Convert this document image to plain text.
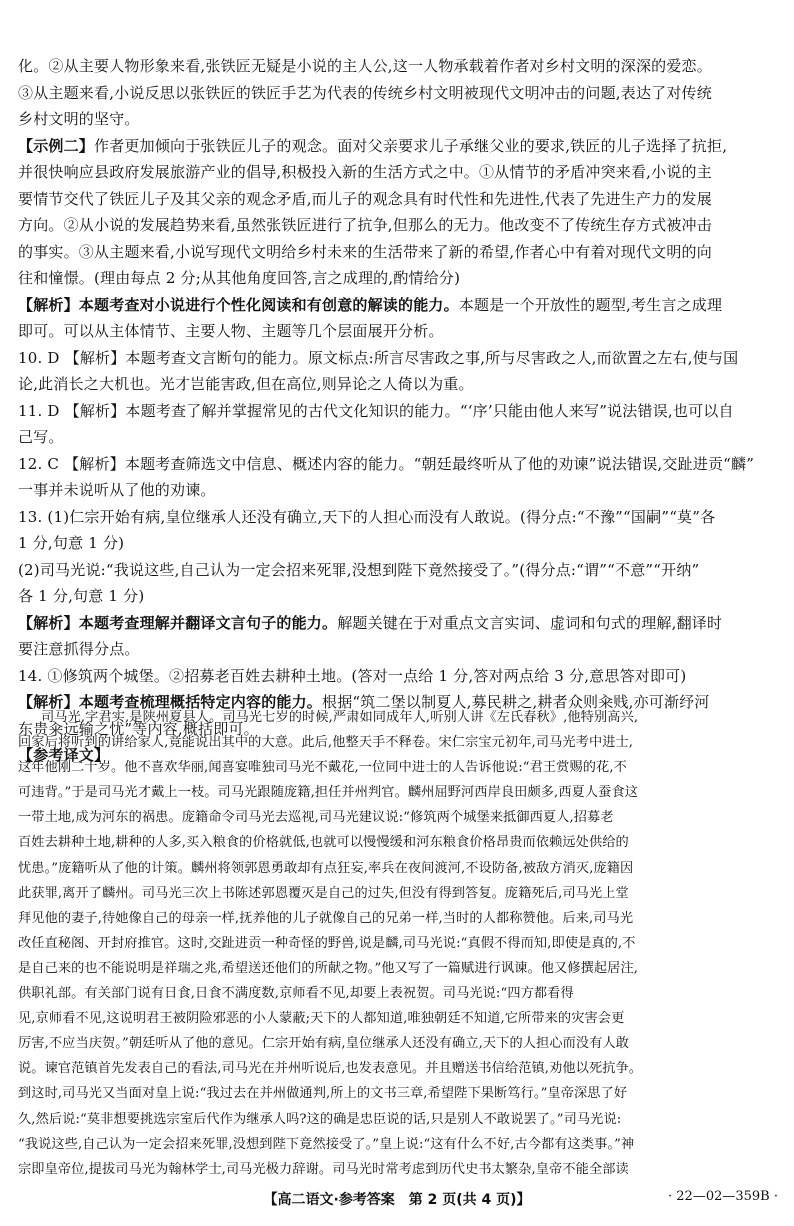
化。②从主要人物形象来看,张铁匠无疑是小说的主人公,这一人物承载着作者对乡村文明的深深的爱恋。
③从主题来看,小说反思以张铁匠的铁匠手艺为代表的传统乡村文明被现代文明冲击的问题,表达了对传统
乡村文明的坚守。
【示例二】作者更加倾向于张铁匠儿子的观念。面对父亲要求儿子承继父业的要求,铁匠的儿子选择了抗拒,
并很快响应县政府发展旅游产业的倡导,积极投入新的生活方式之中。①从情节的矛盾冲突来看,小说的主
要情节交代了铁匠儿子及其父亲的观念矛盾,而儿子的观念具有时代性和先进性,代表了先进生产力的发展
方向。②从小说的发展趋势来看,虽然张铁匠进行了抗争,但那么的无力。他改变不了传统生存方式被冲击
的事实。③从主题来看,小说写现代文明给乡村未来的生活带来了新的希望,作者心中有着对现代文明的向
往和憧憬。(理由每点 2 分;从其他角度回答,言之成理的,酌情给分)
【解析】本题考查对小说进行个性化阅读和有创意的解读的能力。本题是一个开放性的题型,考生言之成理
即可。可以从主体情节、主要人物、主题等几个层面展开分析。
10. D 【解析】本题考查文言断句的能力。原文标点:所言尽害政之事,所与尽害政之人,而欲置之左右,使与国
论,此消长之大机也。光才岂能害政,但在高位,则异论之人倚以为重。
11. D 【解析】本题考查了解并掌握常见的古代文化知识的能力。“‘序’只能由他人来写”说法错误,也可以自
己写。
12. C 【解析】本题考查筛选文中信息、概述内容的能力。“朝廷最终听从了他的劝谏”说法错误,交趾进贡“麟”
一事并未说听从了他的劝谏。
13. (1)仁宗开始有病,皇位继承人还没有确立,天下的人担心而没有人敢说。(得分点:“不豫”“国嗣”“莫”各
1 分,句意 1 分)
(2)司马光说:“我说这些,自己认为一定会招来死罪,没想到陛下竟然接受了。”(得分点:“谓”“不意”“开纳”
各 1 分,句意 1 分)
【解析】本题考查理解并翻译文言句子的能力。解题关键在于对重点文言实词、虚词和句式的理解,翻译时
要注意抓得分点。
14. ①修筑两个城堡。②招募老百姓去耕种土地。(答对一点给 1 分,答对两点给 3 分,意思答对即可)
【解析】本题考查梳理概括特定内容的能力。根据“筑二堡以制夏人,募民耕之,耕者众则籴贱,亦可渐纾河
东贵籴远输之忧”等内容,概括即可。
【参考译文】
司马光,字君实,是陕州夏县人。司马光七岁的时候,严肃如同成年人,听别人讲《左氏春秋》,他特别高兴,
回家后将听到的讲给家人,竟能说出其中的大意。此后,他整天手不释卷。宋仁宗宝元初年,司马光考中进士,
这年他刚二十岁。他不喜欢华丽,闻喜宴唯独司马光不戴花,一位同中进士的人告诉他说:“君王赏赐的花,不
可违背。”于是司马光才戴上一枝。司马光跟随庞籍,担任并州判官。麟州屈野河西岸良田颇多,西夏人蚕食这
一带土地,成为河东的祸患。庞籍命令司马光去巡视,司马光建议说:“修筑两个城堡来抵御西夏人,招募老
百姓去耕种土地,耕种的人多,买入粮食的价格就低,也就可以慢慢缓和河东粮食价格昂贵而依赖远处供给的
忧患。”庞籍听从了他的计策。麟州将领郭恩勇敢却有点狂妄,率兵在夜间渡河,不设防备,被敌方消灭,庞籍因
此获罪,离开了麟州。司马光三次上书陈述郭恩覆灭是自己的过失,但没有得到答复。庞籍死后,司马光上堂
拜见他的妻子,待她像自己的母亲一样,抚养他的儿子就像自己的兄弟一样,当时的人都称赞他。后来,司马光
改任直秘阁、开封府推官。这时,交趾进贡一种奇怪的野兽,说是麟,司马光说:“真假不得而知,即使是真的,不
是自己来的也不能说明是祥瑞之兆,希望送还他们的所献之物。”他又写了一篇赋进行讽谏。他又修撰起居注,
供职礼部。有关部门说有日食,日食不满度数,京师看不见,却要上表祝贺。司马光说:“四方都看得
见,京师看不见,这说明君王被阴险邪恶的小人蒙蔽;天下的人都知道,唯独朝廷不知道,它所带来的灾害会更
厉害,不应当庆贺。”朝廷听从了他的意见。仁宗开始有病,皇位继承人还没有确立,天下的人担心而没有人敢
说。谏官范镇首先发表自己的看法,司马光在并州听说后,也发表意见。并且赠送书信给范镇,劝他以死抗争。
到这时,司马光又当面对皇上说:“我过去在并州做通判,所上的文书三章,希望陛下果断笃行。”皇帝深思了好
久,然后说:“莫非想要挑选宗室后代作为继承人吗?这的确是忠臣说的话,只是别人不敢说罢了。”司马光说:
“我说这些,自己认为一定会招来死罪,没想到陛下竟然接受了。”皇上说:“这有什么不好,古今都有这类事。”神
宗即皇帝位,提拔司马光为翰林学士,司马光极力辞谢。司马光时常考虑到历代史书太繁杂,皇帝不能全部读
【高二语文·参考答案　第 2 页(共 4 页)】	· 22—02—359B ·
